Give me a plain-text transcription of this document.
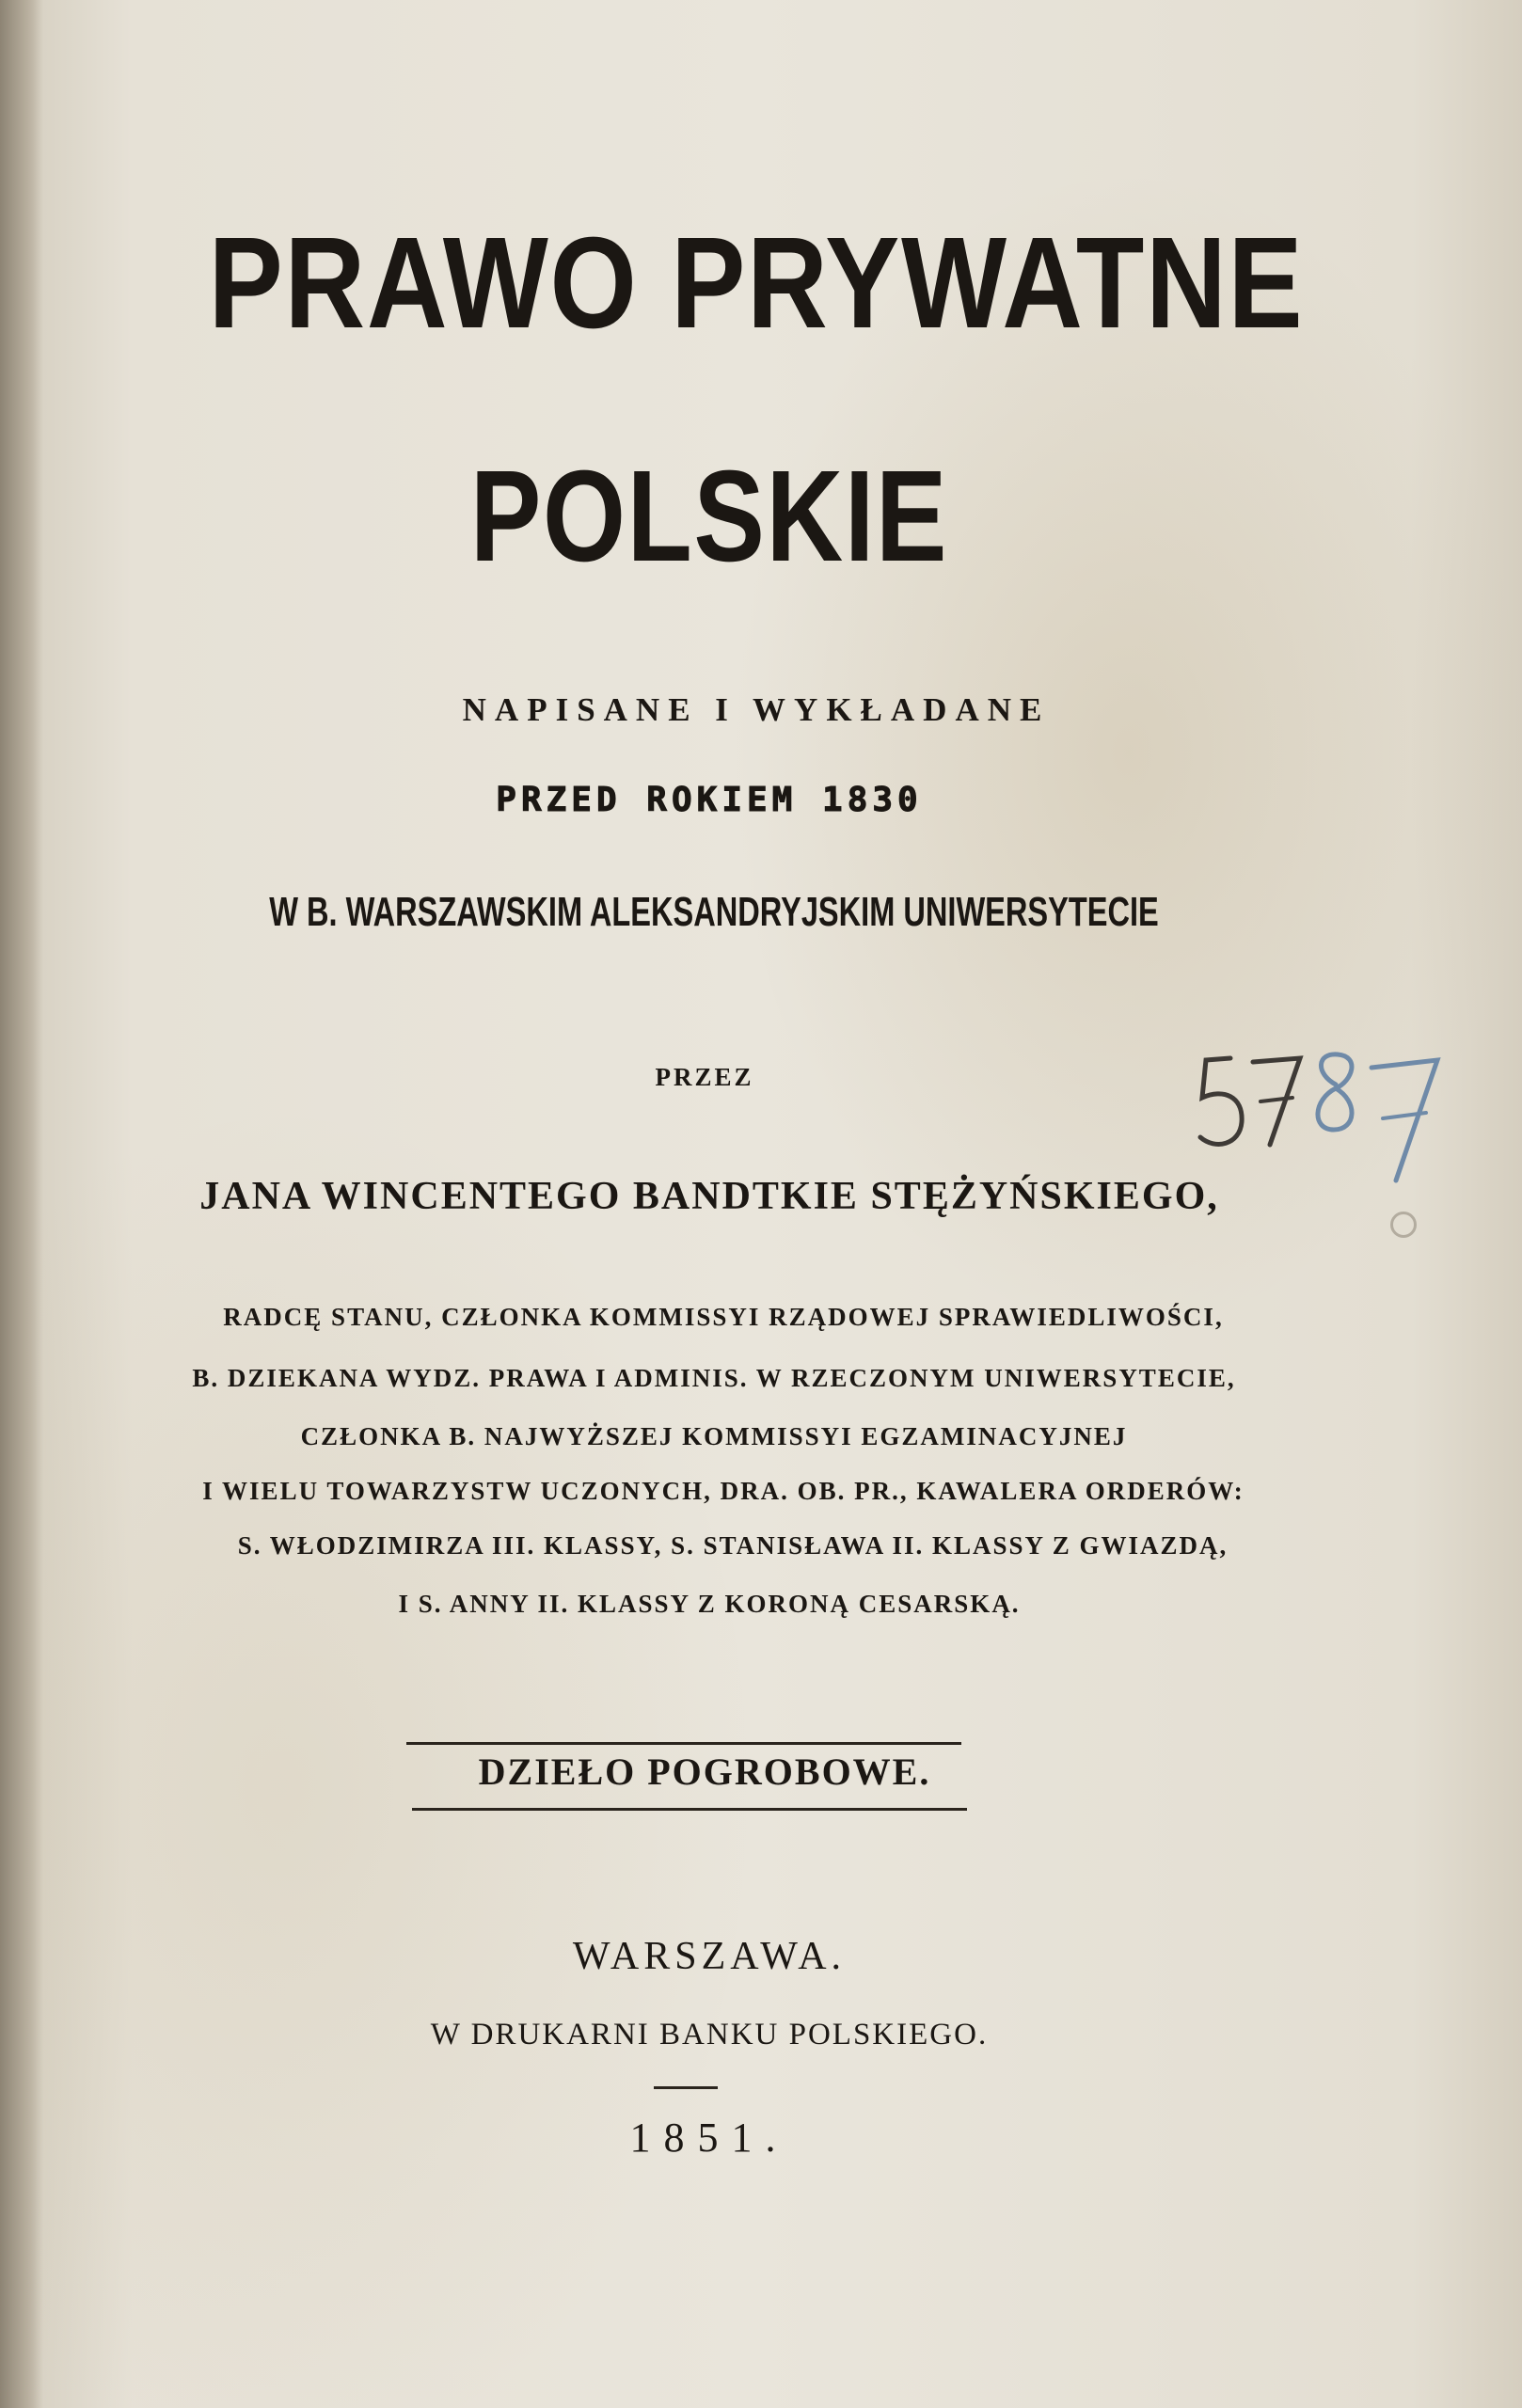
PRAWO PRYWATNE
POLSKIE
NAPISANE I WYKŁADANE
PRZED ROKIEM 1830
W B. WARSZAWSKIM ALEKSANDRYJSKIM UNIWERSYTECIE
PRZEZ
JANA WINCENTEGO BANDTKIE STĘŻYŃSKIEGO,
RADCĘ STANU, CZŁONKA KOMMISSYI RZĄDOWEJ SPRAWIEDLIWOŚCI,
B. DZIEKANA WYDZ. PRAWA I ADMINIS. W RZECZONYM UNIWERSYTECIE,
CZŁONKA B. NAJWYŻSZEJ KOMMISSYI EGZAMINACYJNEJ
I WIELU TOWARZYSTW UCZONYCH, DRA. OB. PR., KAWALERA ORDERÓW:
S. WŁODZIMIRZA III. KLASSY, S. STANISŁAWA II. KLASSY Z GWIAZDĄ,
I S. ANNY II. KLASSY Z KORONĄ CESARSKĄ.
DZIEŁO POGROBOWE.
WARSZAWA.
W DRUKARNI BANKU POLSKIEGO.
1851.
